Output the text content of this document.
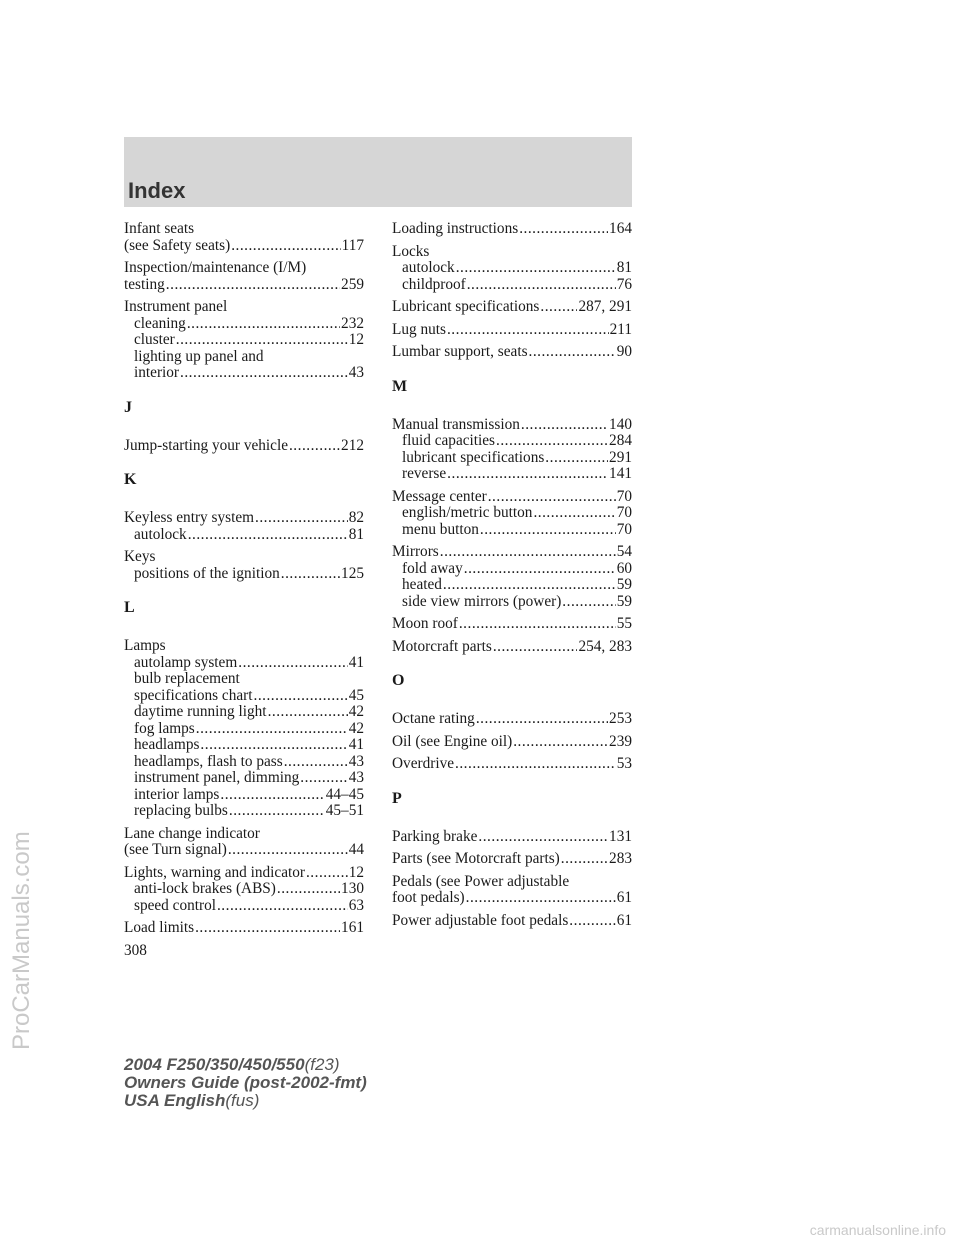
Index
Infant seats
(see Safety seats) .....	117
Inspection/maintenance (I/M)
testing .....	259
Instrument panel
cleaning .....	232
cluster .....	12
lighting up panel and
interior .....	43
J
Jump-starting your vehicle .....	212
K
Keyless entry system .....	82
autolock .....	81
Keys
positions of the ignition .....	125
L
Lamps
autolamp system .....	41
bulb replacement
specifications chart .....	45
daytime running light .....	42
fog lamps .....	42
headlamps .....	41
headlamps, flash to pass .....	43
instrument panel, dimming .....	43
interior lamps .....	44–45
replacing bulbs .....	45–51
Lane change indicator
(see Turn signal) .....	44
Lights, warning and indicator .....	12
anti-lock brakes (ABS) .....	130
speed control .....	63
Load limits .....	161
Loading instructions .....	164
Locks
autolock .....	81
childproof .....	76
Lubricant specifications .....	287, 291
Lug nuts .....	211
Lumbar support, seats .....	90
M
Manual transmission .....	140
fluid capacities .....	284
lubricant specifications .....	291
reverse .....	141
Message center .....	70
english/metric button .....	70
menu button .....	70
Mirrors .....	54
fold away .....	60
heated .....	59
side view mirrors (power) .....	59
Moon roof .....	55
Motorcraft parts .....	254, 283
O
Octane rating .....	253
Oil (see Engine oil) .....	239
Overdrive .....	53
P
Parking brake .....	131
Parts (see Motorcraft parts) .....	283
Pedals (see Power adjustable
foot pedals) .....	61
Power adjustable foot pedals .....	61
308
2004 F250/350/450/550(f23)
Owners Guide (post-2002-fmt)
USA English(fus)
ProCarManuals.com
carmanualsonline.info
